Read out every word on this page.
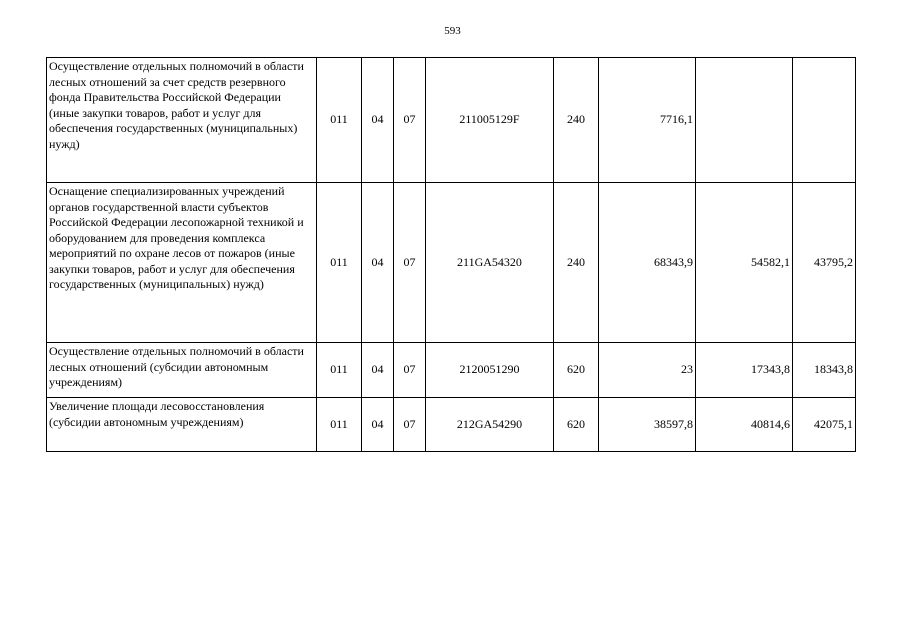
593
Осуществление отдельных полномочий в области лесных отношений за счет средств резервного фонда Правительства Российской Федерации (иные закупки товаров, работ и услуг для обеспечения государственных (муниципальных) нужд)	011	04	07	211005129F	240	7716,1		
Оснащение специализированных учреждений органов государственной власти субъектов Российской Федерации лесопожарной техникой и оборудованием для проведения комплекса мероприятий по охране лесов от пожаров (иные закупки товаров, работ и услуг для обеспечения государственных (муниципальных) нужд)	011	04	07	211GA54320	240	68343,9	54582,1	43795,2
Осуществление отдельных полномочий в области лесных отношений (субсидии автономным учреждениям)	011	04	07	2120051290	620	23	17343,8	18343,8
Увеличение площади лесовосстановления (субсидии автономным учреждениям)	011	04	07	212GA54290	620	38597,8	40814,6	42075,1
